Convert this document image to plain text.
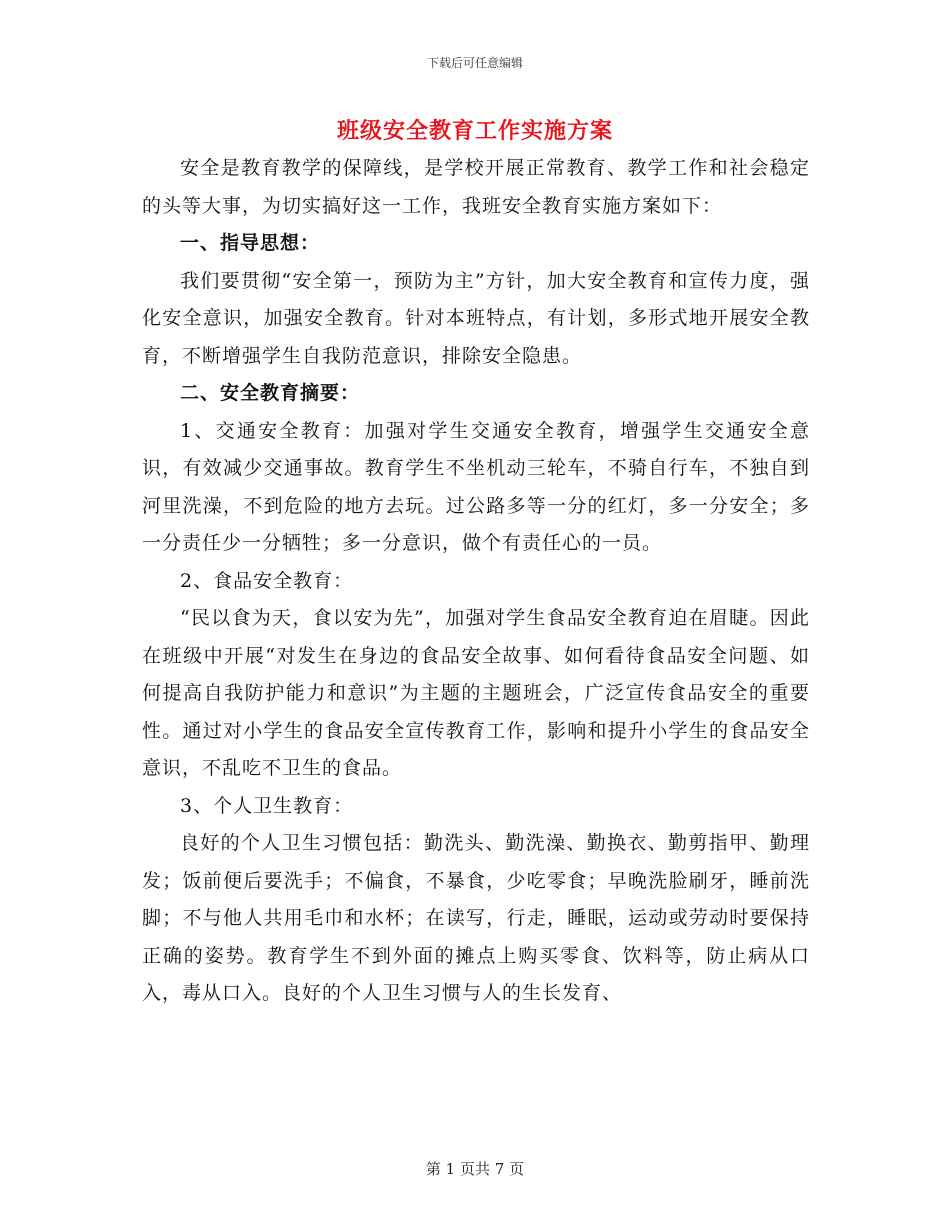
下载后可任意编辑
班级安全教育工作实施方案

安全是教育教学的保障线，是学校开展正常教育、教学工作和社会稳定的头等大事，为切实搞好这一工作，我班安全教育实施方案如下：

一、指导思想：

我们要贯彻“安全第一，预防为主”方针，加大安全教育和宣传力度，强化安全意识，加强安全教育。针对本班特点，有计划，多形式地开展安全教育，不断增强学生自我防范意识，排除安全隐患。

二、安全教育摘要：

1、交通安全教育：加强对学生交通安全教育，增强学生交通安全意识，有效减少交通事故。教育学生不坐机动三轮车，不骑自行车，不独自到河里洗澡，不到危险的地方去玩。过公路多等一分的红灯，多一分安全；多一分责任少一分牺牲；多一分意识，做个有责任心的一员。

2、食品安全教育：

“民以食为天，食以安为先”，加强对学生食品安全教育迫在眉睫。因此在班级中开展“对发生在身边的食品安全故事、如何看待食品安全问题、如何提高自我防护能力和意识”为主题的主题班会，广泛宣传食品安全的重要性。通过对小学生的食品安全宣传教育工作，影响和提升小学生的食品安全意识，不乱吃不卫生的食品。

3、个人卫生教育：

良好的个人卫生习惯包括：勤洗头、勤洗澡、勤换衣、勤剪指甲、勤理发；饭前便后要洗手；不偏食，不暴食，少吃零食；早晚洗脸刷牙，睡前洗脚；不与他人共用毛巾和水杯；在读写，行走，睡眠，运动或劳动时要保持正确的姿势。教育学生不到外面的摊点上购买零食、饮料等，防止病从口入，毒从口入。良好的个人卫生习惯与人的生长发育、

第 1 页共 7 页
